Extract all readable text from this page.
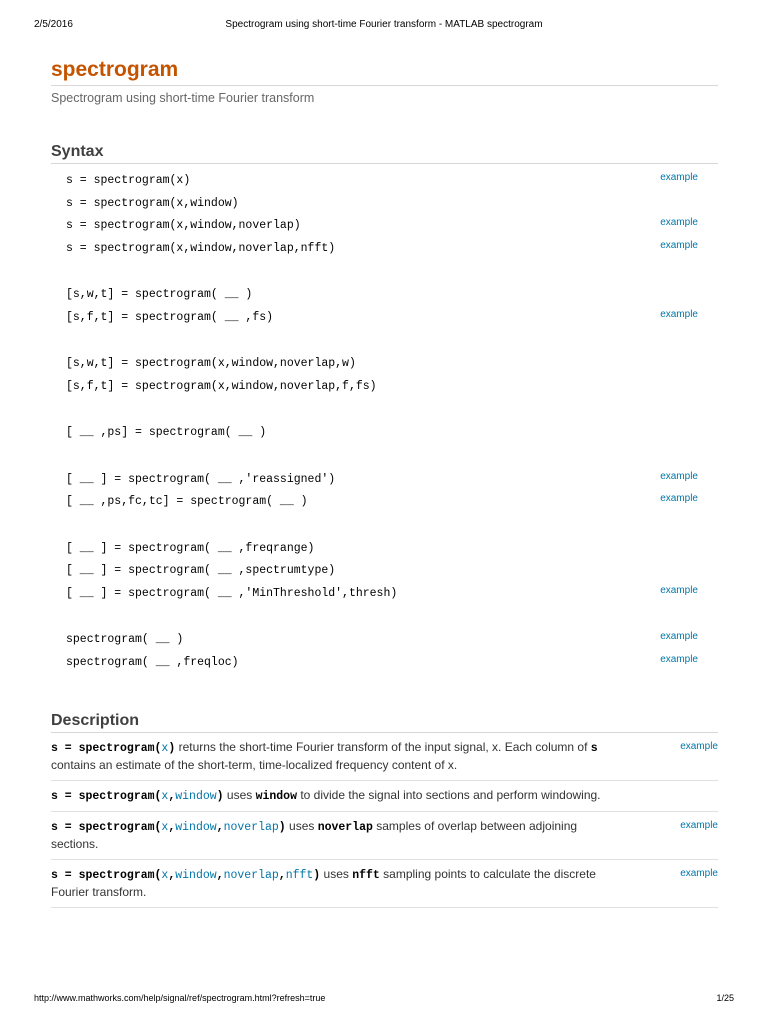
2/5/2016	Spectrogram using short-time Fourier transform - MATLAB spectrogram
spectrogram
Spectrogram using short-time Fourier transform
Syntax
s = spectrogram(x)	example
s = spectrogram(x,window)
s = spectrogram(x,window,noverlap)	example
s = spectrogram(x,window,noverlap,nfft)	example
[s,w,t] = spectrogram( __ )
[s,f,t] = spectrogram( __ ,fs)	example
[s,w,t] = spectrogram(x,window,noverlap,w)
[s,f,t] = spectrogram(x,window,noverlap,f,fs)
[ __ ,ps] = spectrogram( __ )
[ __ ] = spectrogram( __ ,'reassigned')	example
[ __ ,ps,fc,tc] = spectrogram( __ )	example
[ __ ] = spectrogram( __ ,freqrange)
[ __ ] = spectrogram( __ ,spectrumtype)
[ __ ] = spectrogram( __ ,'MinThreshold',thresh)	example
spectrogram( __ )	example
spectrogram( __ ,freqloc)	example
Description
s = spectrogram(x) returns the short-time Fourier transform of the input signal, x. Each column of s contains an estimate of the short-term, time-localized frequency content of x.
example
s = spectrogram(x,window) uses window to divide the signal into sections and perform windowing.
s = spectrogram(x,window,noverlap) uses noverlap samples of overlap between adjoining sections.
example
s = spectrogram(x,window,noverlap,nfft) uses nfft sampling points to calculate the discrete Fourier transform.
example
http://www.mathworks.com/help/signal/ref/spectrogram.html?refresh=true	1/25
